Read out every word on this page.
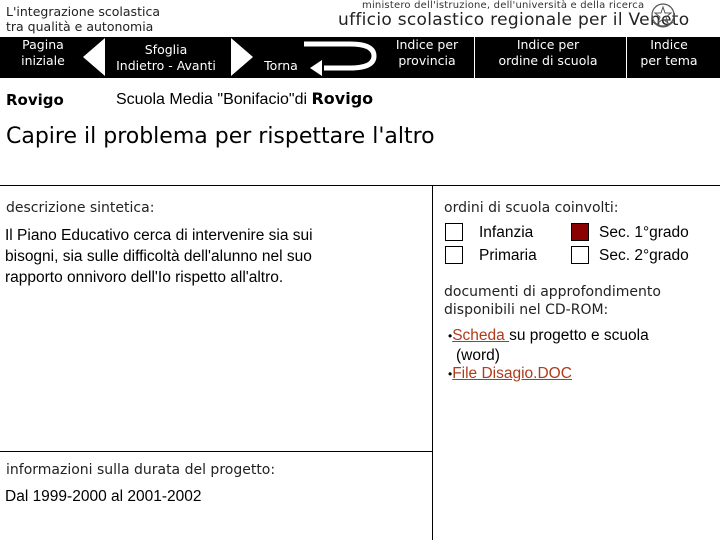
L'integrazione scolastica
tra qualità e autonomia
ministero dell'istruzione, dell'università e della ricerca
ufficio scolastico regionale per il Veneto
Pagina
iniziale
Sfoglia
Indietro - Avanti	Torna
Indice per
provincia
Indice per
ordine di scuola
Indice
per tema
Rovigo	Scuola Media "Bonifacio"di Rovigo
Capire il problema per rispettare l'altro
descrizione sintetica:
Il Piano Educativo cerca di intervenire sia sui
bisogni, sia sulle difficoltà dell'alunno nel suo
rapporto onnivoro dell'Io rispetto all'altro.
informazioni sulla durata del progetto:
Dal 1999-2000 al 2001-2002
ordini di scuola coinvolti:
Infanzia
Primaria
Sec. 1°grado
Sec. 2°grado
documenti di approfondimento
disponibili nel CD-ROM:
•Scheda su progetto e scuola
(word)
•File Disagio.DOC
